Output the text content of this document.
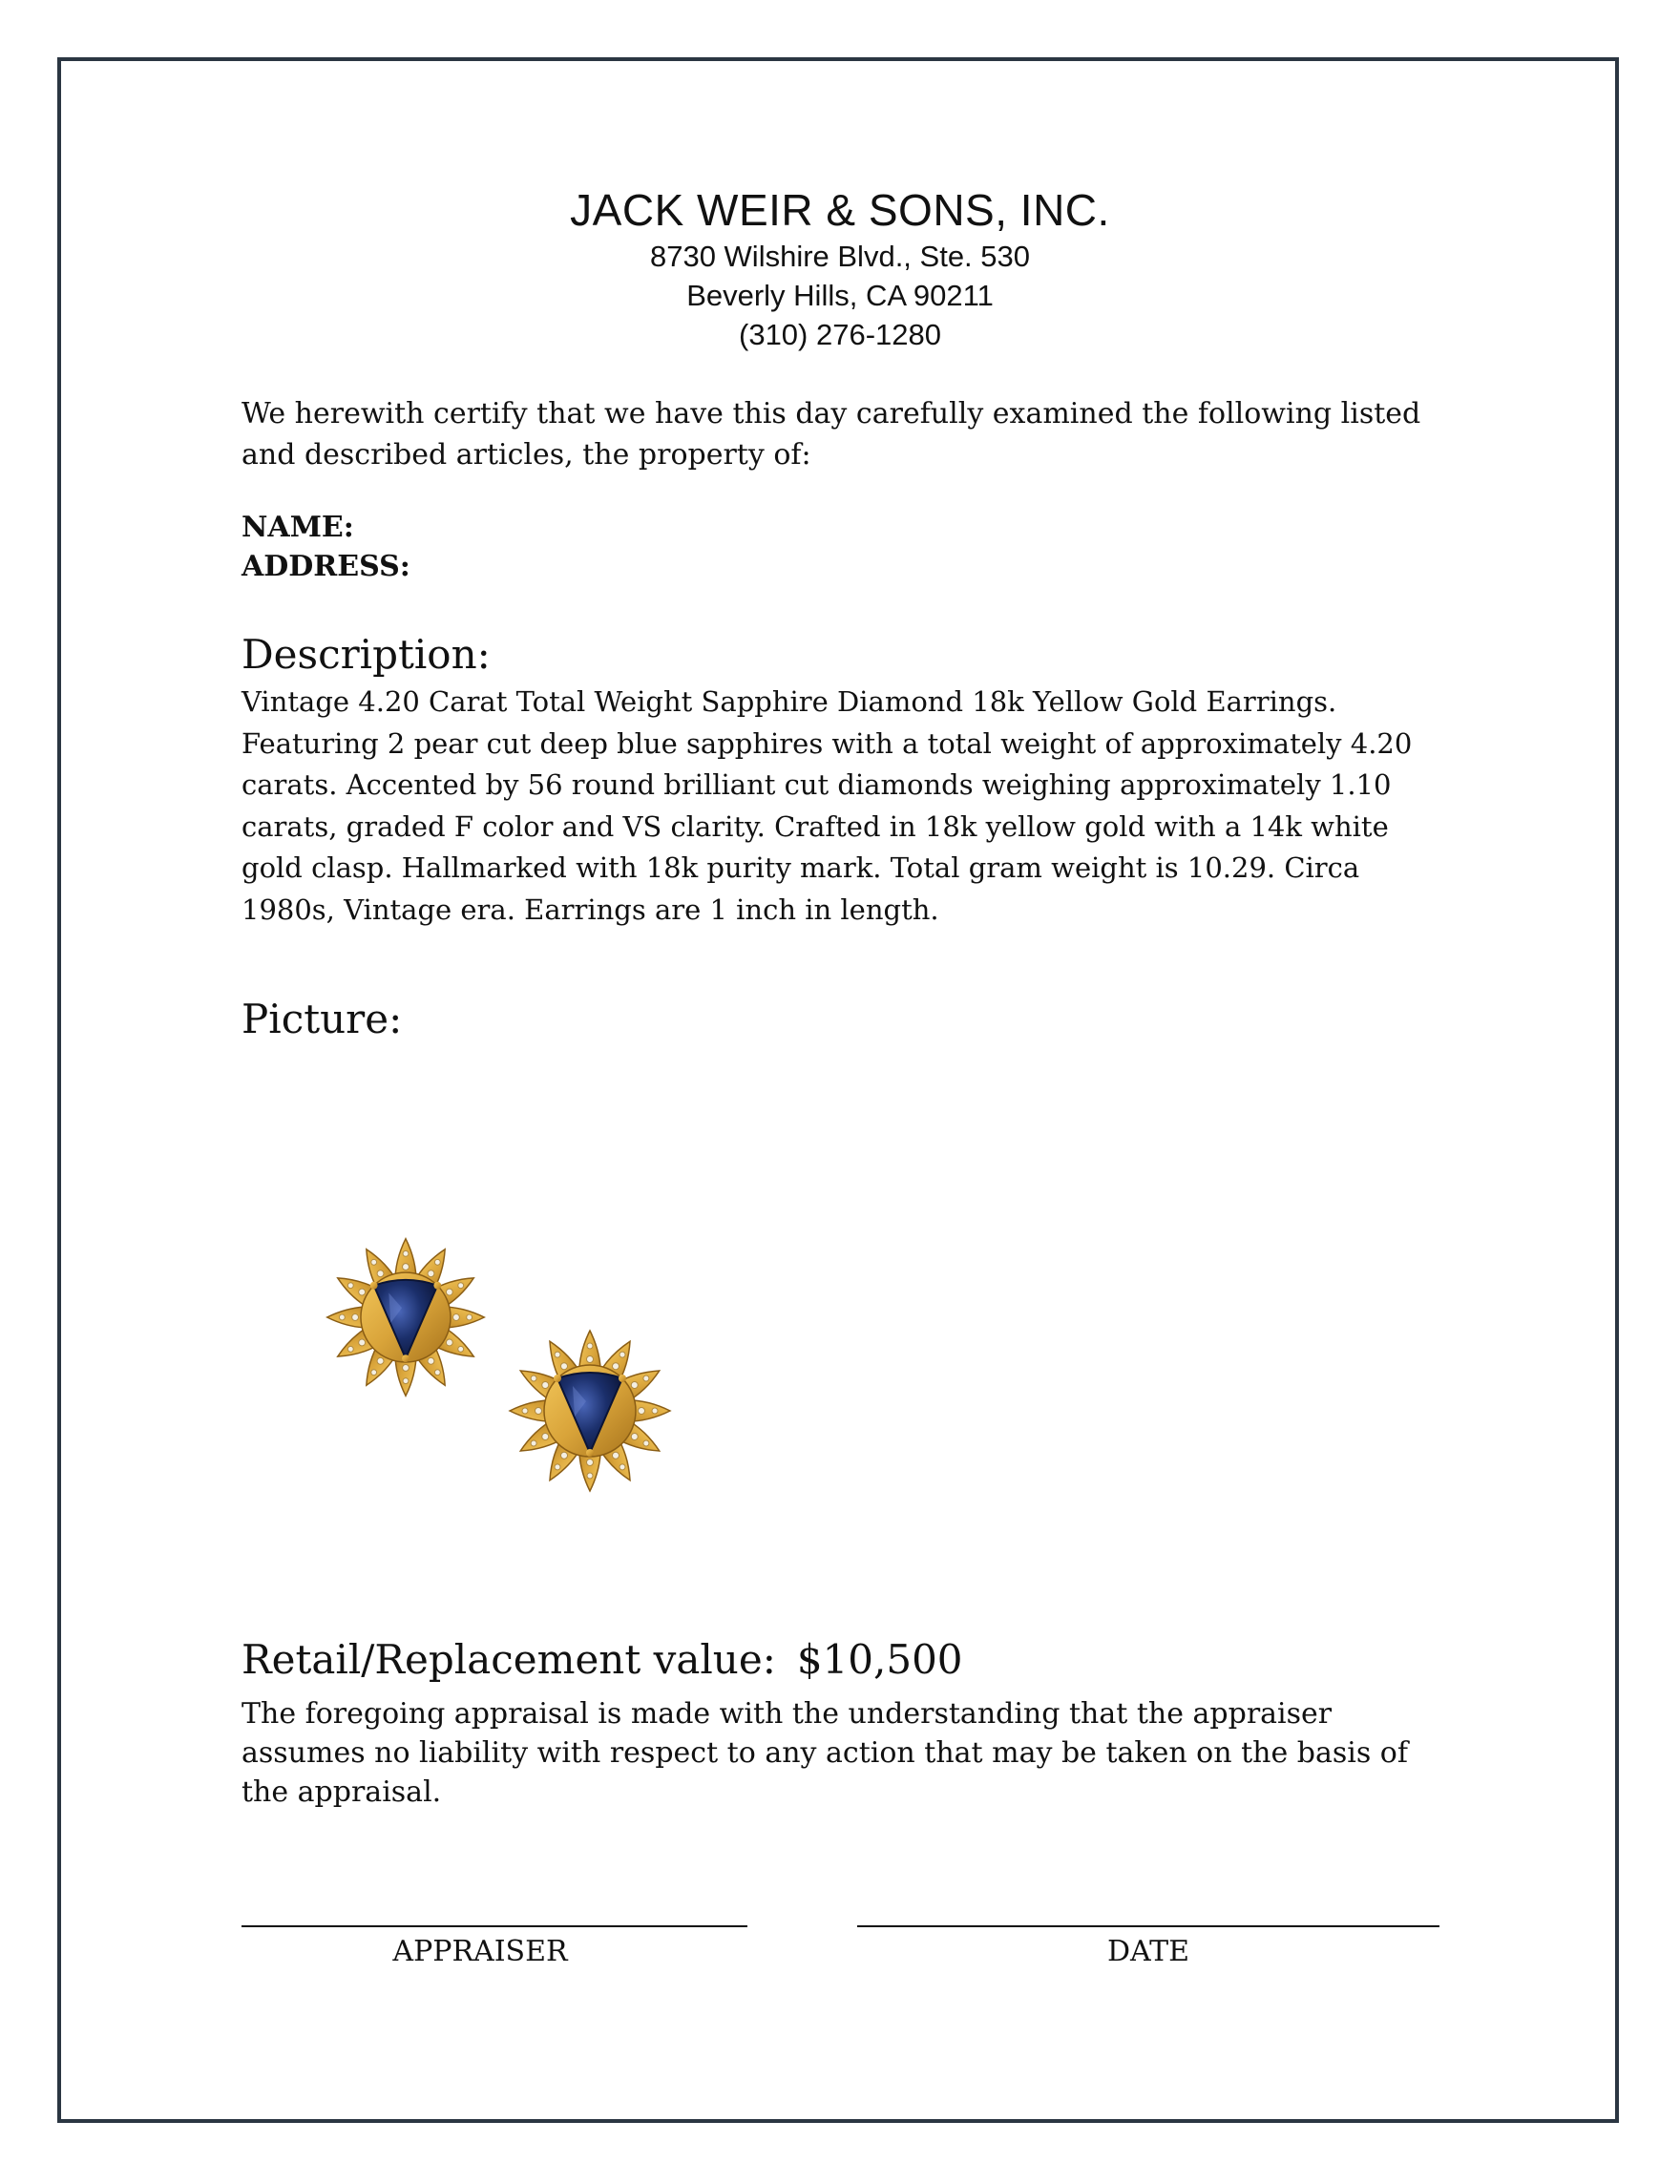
JACK WEIR & SONS, INC.
8730 Wilshire Blvd., Ste. 530
Beverly Hills, CA 90211
(310) 276-1280
We herewith certify that we have this day carefully examined the following listed and described articles, the property of:
NAME:
ADDRESS:
Description:
Vintage 4.20 Carat Total Weight Sapphire Diamond 18k Yellow Gold Earrings. Featuring 2 pear cut deep blue sapphires with a total weight of approximately 4.20 carats. Accented by 56 round brilliant cut diamonds weighing approximately 1.10 carats, graded F color and VS clarity. Crafted in 18k yellow gold with a 14k white gold clasp. Hallmarked with 18k purity mark. Total gram weight is 10.29. Circa 1980s, Vintage era. Earrings are 1 inch in length.
Picture:
Retail/Replacement value: $10,500
The foregoing appraisal is made with the understanding that the appraiser assumes no liability with respect to any action that may be taken on the basis of the appraisal.
APPRAISER	DATE
